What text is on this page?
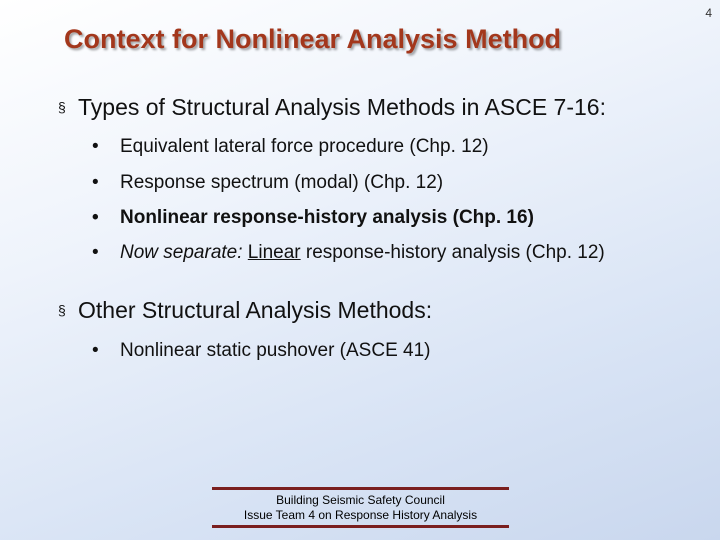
4
Context for Nonlinear Analysis Method
§ Types of Structural Analysis Methods in ASCE 7-16:
• Equivalent lateral force procedure (Chp. 12)
• Response spectrum (modal) (Chp. 12)
• Nonlinear response-history analysis (Chp. 16)
• Now separate: Linear response-history analysis (Chp. 12)
§ Other Structural Analysis Methods:
• Nonlinear static pushover (ASCE 41)
Building Seismic Safety Council
Issue Team 4 on Response History Analysis
